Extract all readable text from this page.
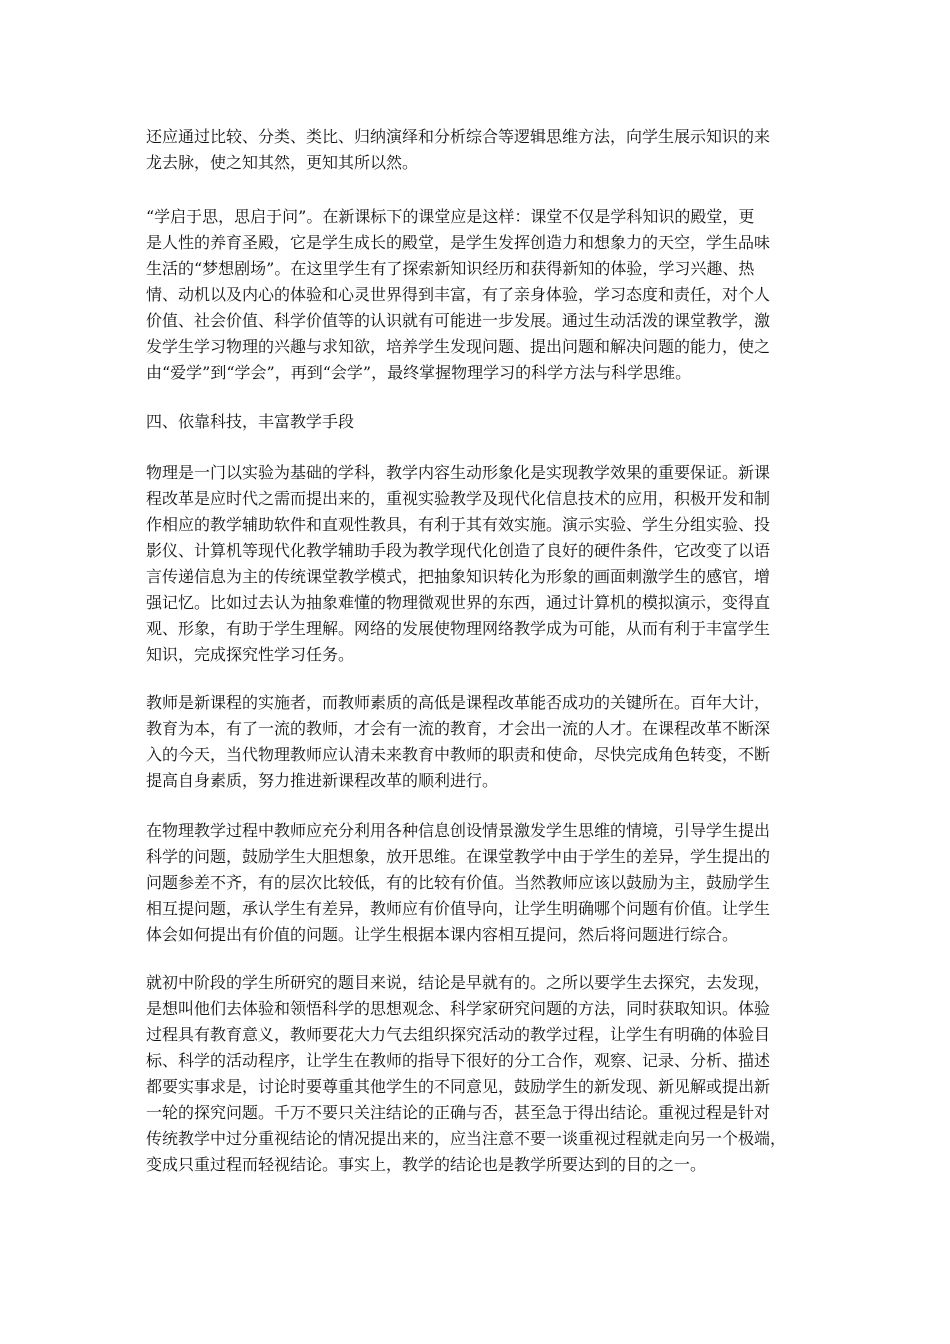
还应通过比较、分类、类比、归纳演绎和分析综合等逻辑思维方法，向学生展示知识的来
龙去脉，使之知其然，更知其所以然。
“学启于思，思启于问”。在新课标下的课堂应是这样：课堂不仅是学科知识的殿堂，更
是人性的养育圣殿，它是学生成长的殿堂，是学生发挥创造力和想象力的天空，学生品味
生活的“梦想剧场”。在这里学生有了探索新知识经历和获得新知的体验，学习兴趣、热
情、动机以及内心的体验和心灵世界得到丰富，有了亲身体验，学习态度和责任，对个人
价值、社会价值、科学价值等的认识就有可能进一步发展。通过生动活泼的课堂教学，激
发学生学习物理的兴趣与求知欲，培养学生发现问题、提出问题和解决问题的能力，使之
由“爱学”到“学会”，再到“会学”，最终掌握物理学习的科学方法与科学思维。
四、依靠科技，丰富教学手段
物理是一门以实验为基础的学科，教学内容生动形象化是实现教学效果的重要保证。新课
程改革是应时代之需而提出来的，重视实验教学及现代化信息技术的应用，积极开发和制
作相应的教学辅助软件和直观性教具，有利于其有效实施。演示实验、学生分组实验、投
影仪、计算机等现代化教学辅助手段为教学现代化创造了良好的硬件条件，它改变了以语
言传递信息为主的传统课堂教学模式，把抽象知识转化为形象的画面刺激学生的感官，增
强记忆。比如过去认为抽象难懂的物理微观世界的东西，通过计算机的模拟演示，变得直
观、形象，有助于学生理解。网络的发展使物理网络教学成为可能，从而有利于丰富学生
知识，完成探究性学习任务。
教师是新课程的实施者，而教师素质的高低是课程改革能否成功的关键所在。百年大计，
教育为本，有了一流的教师，才会有一流的教育，才会出一流的人才。在课程改革不断深
入的今天，当代物理教师应认清未来教育中教师的职责和使命，尽快完成角色转变，不断
提高自身素质，努力推进新课程改革的顺利进行。
在物理教学过程中教师应充分利用各种信息创设情景激发学生思维的情境，引导学生提出
科学的问题，鼓励学生大胆想象，放开思维。在课堂教学中由于学生的差异，学生提出的
问题参差不齐，有的层次比较低，有的比较有价值。当然教师应该以鼓励为主，鼓励学生
相互提问题，承认学生有差异，教师应有价值导向，让学生明确哪个问题有价值。让学生
体会如何提出有价值的问题。让学生根据本课内容相互提问，然后将问题进行综合。
就初中阶段的学生所研究的题目来说，结论是早就有的。之所以要学生去探究，去发现，
是想叫他们去体验和领悟科学的思想观念、科学家研究问题的方法，同时获取知识。体验
过程具有教育意义，教师要花大力气去组织探究活动的教学过程，让学生有明确的体验目
标、科学的活动程序，让学生在教师的指导下很好的分工合作，观察、记录、分析、描述
都要实事求是，讨论时要尊重其他学生的不同意见，鼓励学生的新发现、新见解或提出新
一轮的探究问题。千万不要只关注结论的正确与否，甚至急于得出结论。重视过程是针对
传统教学中过分重视结论的情况提出来的，应当注意不要一谈重视过程就走向另一个极端，
变成只重过程而轻视结论。事实上，教学的结论也是教学所要达到的目的之一。
